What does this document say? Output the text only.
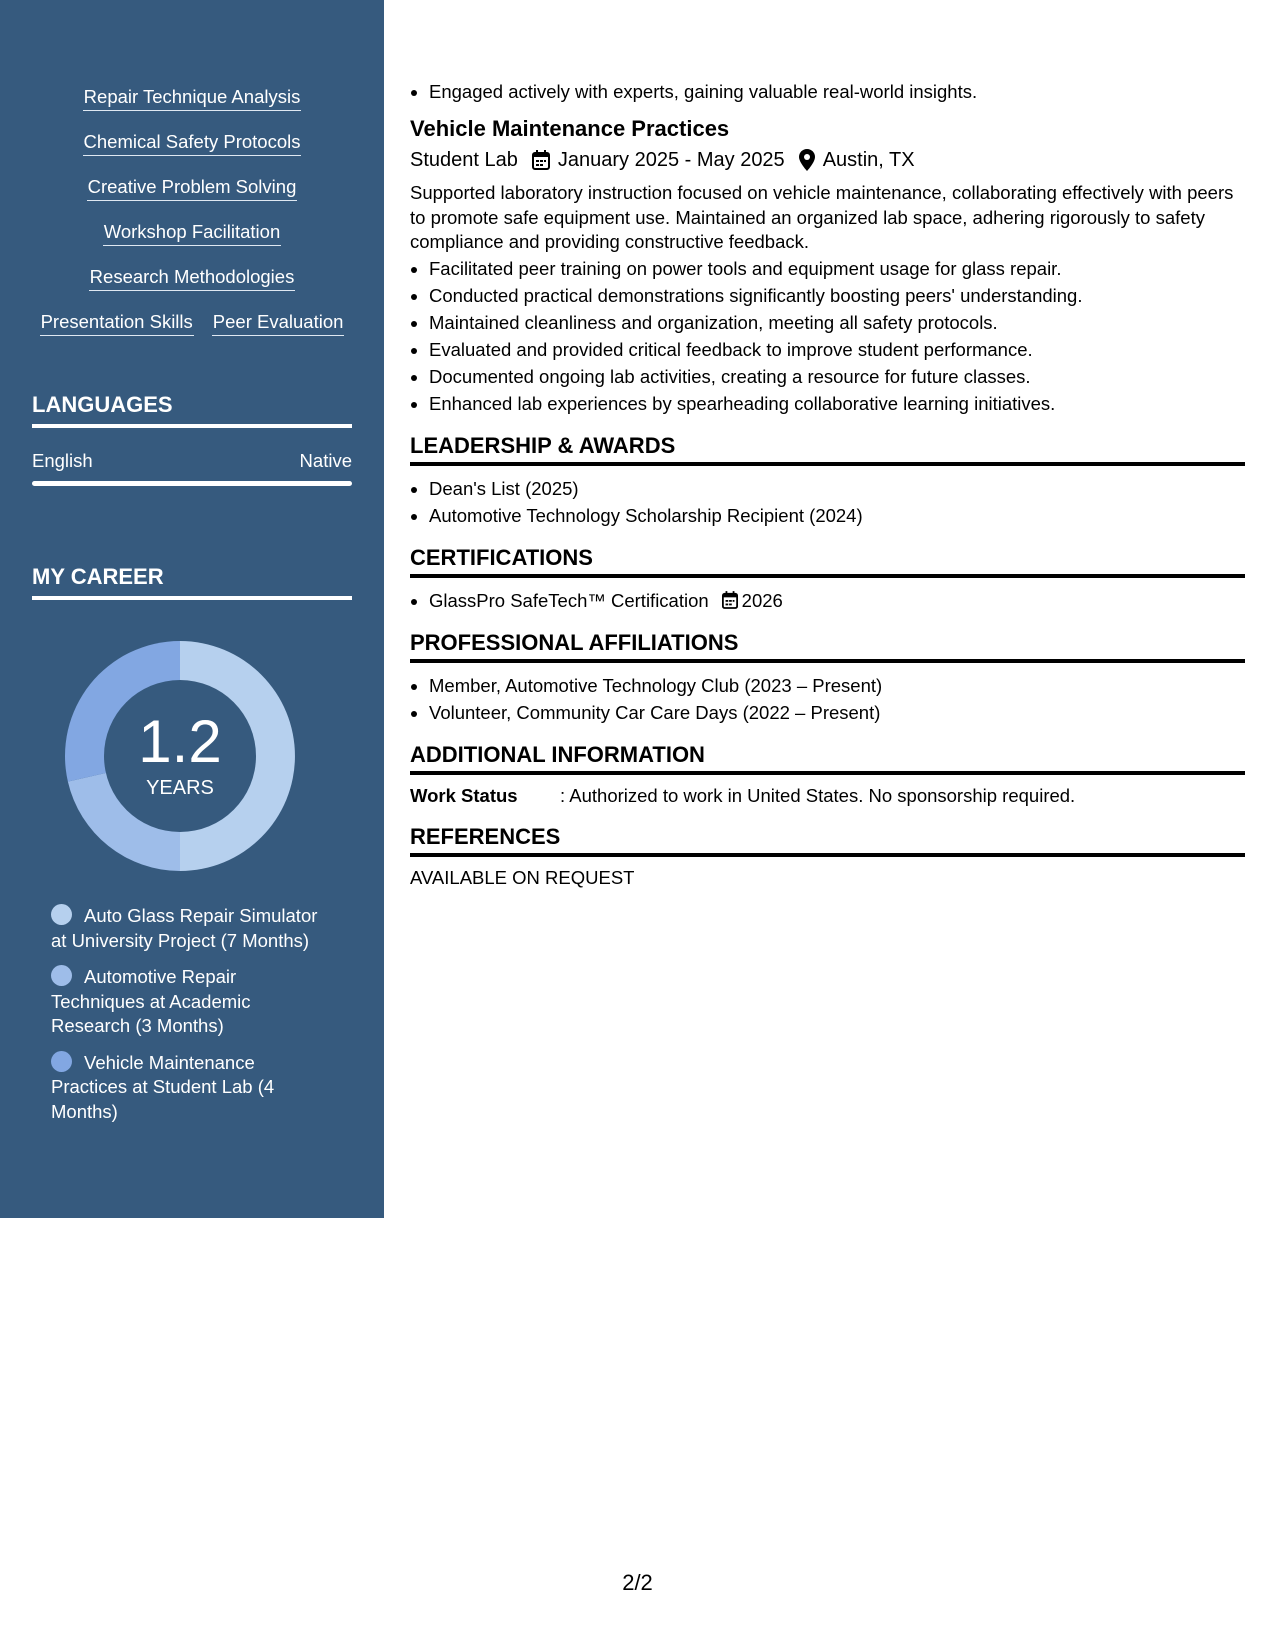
Repair Technique Analysis
Chemical Safety Protocols
Creative Problem Solving
Workshop Facilitation
Research Methodologies
Presentation Skills Peer Evaluation
LANGUAGES
English	Native
MY CAREER
1.2
YEARS
Auto Glass Repair Simulator at University Project (7 Months)
Automotive Repair Techniques at Academic Research (3 Months)
Vehicle Maintenance Practices at Student Lab (4 Months)
• Engaged actively with experts, gaining valuable real-world insights.
Vehicle Maintenance Practices
Student Lab January 2025 - May 2025 Austin, TX
Supported laboratory instruction focused on vehicle maintenance, collaborating effectively with peers to promote safe equipment use. Maintained an organized lab space, adhering rigorously to safety compliance and providing constructive feedback.
• Facilitated peer training on power tools and equipment usage for glass repair.
• Conducted practical demonstrations significantly boosting peers' understanding.
• Maintained cleanliness and organization, meeting all safety protocols.
• Evaluated and provided critical feedback to improve student performance.
• Documented ongoing lab activities, creating a resource for future classes.
• Enhanced lab experiences by spearheading collaborative learning initiatives.
LEADERSHIP & AWARDS
• Dean's List (2025)
• Automotive Technology Scholarship Recipient (2024)
CERTIFICATIONS
• GlassPro SafeTech™ Certification 2026
PROFESSIONAL AFFILIATIONS
• Member, Automotive Technology Club (2023 – Present)
• Volunteer, Community Car Care Days (2022 – Present)
ADDITIONAL INFORMATION
Work Status	: Authorized to work in United States. No sponsorship required.
REFERENCES
AVAILABLE ON REQUEST
2/2
